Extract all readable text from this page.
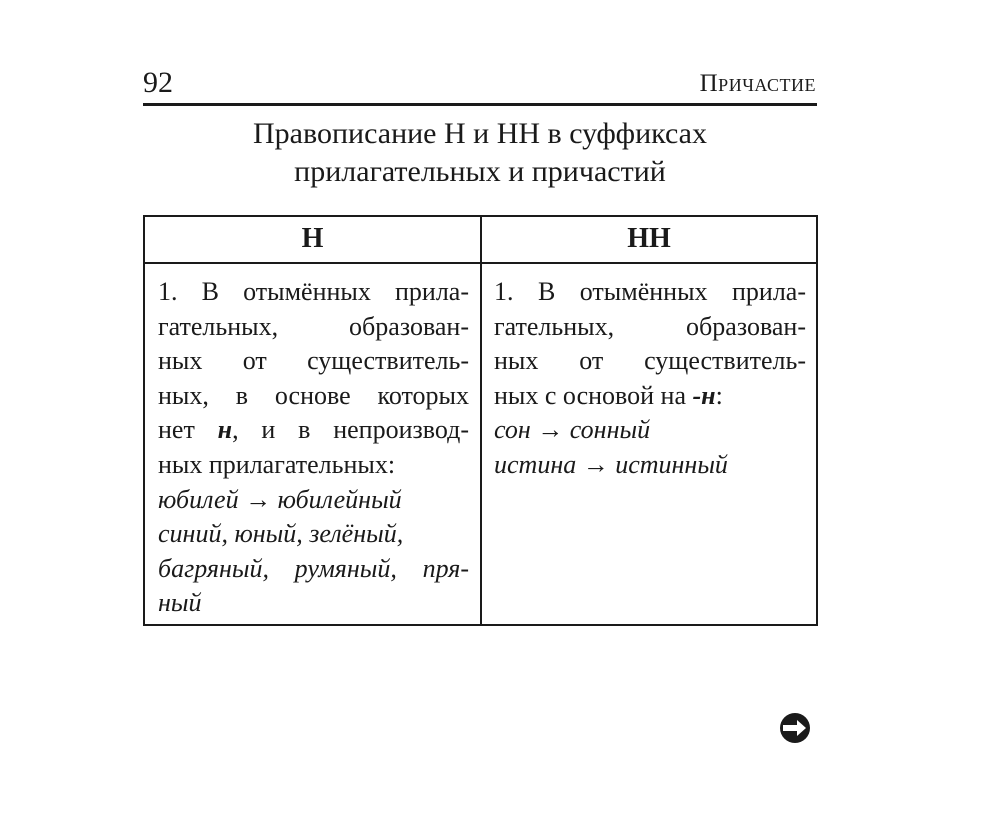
92	Причастие
Правописание Н и НН в суффиксах
прилагательных и причастий
Н	НН
1. В отымённых прила-
гательных, образован-
ных от существитель-
ных, в основе которых
нет н, и в непроизвод-
ных прилагательных:
юбилей → юбилейный
синий, юный, зелёный,
багряный, румяный, пря-
ный
1. В отымённых прила-
гательных, образован-
ных от существитель-
ных с основой на -н:
сон → сонный
истина → истинный
